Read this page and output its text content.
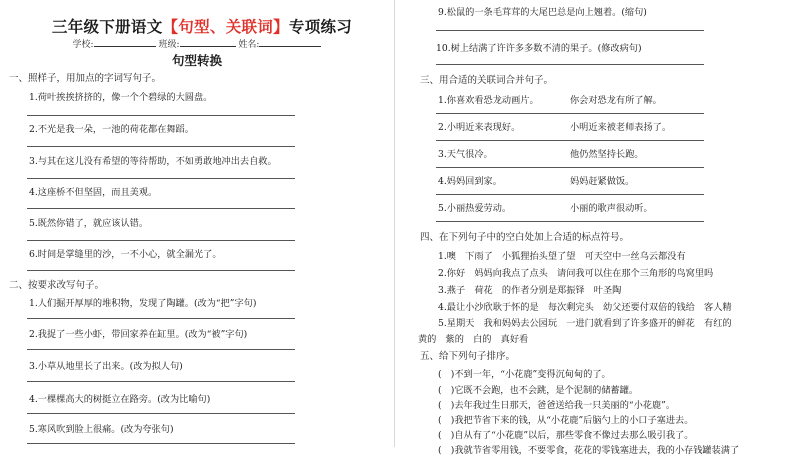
三年级下册语文【句型、关联词】专项练习
学校:	班级:	姓名:
句型转换
一、照样子，用加点的字词写句子。
1.荷叶挨挨挤挤的，像一个个碧绿的大圆盘。
2.不光是我一朵，一池的荷花都在舞蹈。
3.与其在这儿没有希望的等待帮助，不如勇敢地冲出去自救。
4.这座桥不但坚固，而且美观。
5.既然你错了，就应该认错。
6.时间是掌缝里的沙，一不小心，就全漏光了。
二、按要求改写句子。
1.人们掘开厚厚的堆积物，发现了陶罐。(改为“把”字句)
2.我捉了一些小虾，带回家养在缸里。(改为“被”字句)
3.小草从地里长了出来。(改为拟人句)
4.一棵棵高大的树挺立在路旁。(改为比喻句)
5.寒风吹到脸上很痛。(改为夸张句)
9.松鼠的一条毛茸茸的大尾巴总是向上翘着。(缩句)
10.树上结满了许许多多数不清的果子。(修改病句)
三、用合适的关联词合并句子。
1.你喜欢看恐龙动画片。	你会对恐龙有所了解。
2.小明近来表现好。	小明近来被老师表扬了。
3.天气很冷。	他仍然坚持长跑。
4.妈妈回到家。	妈妈赶紧做饭。
5.小丽热爱劳动。	小丽的歌声很动听。
四、在下列句子中的空白处加上合适的标点符号。
1.噢　下雨了　小狐狸抬头望了望　可天空中一丝乌云都没有
2.你好　妈妈向我点了点头　请问我可以住在那个三角形的鸟窝里吗
3.燕子　荷花　的作者分别是郑振铎　叶圣陶
4.最让小沙欣耿于怀的是　每次剩完头　幼父还要付双倍的钱给　客人精
5.星期天　我和妈妈去公园玩　一进门就看到了许多盛开的鲜花　有红的
黄的　紫的　白的　真好看
五、给下列句子排序。
(　)不到一年，“小花鹿”变得沉甸甸的了。
(　)它既不会跑，也不会跳，是个泥制的储蓄罐。
(　)去年我过生日那天，爸爸送给我一只美丽的“小花鹿”。
(　)我把节省下来的钱，从“小花鹿”后脑勺上的小口子塞进去。
(　)自从有了“小花鹿”以后，那些零食不像过去那么吸引我了。
(　)我就节省零用钱，不要零食，花花的零钱塞进去，我的小存钱罐装满了
